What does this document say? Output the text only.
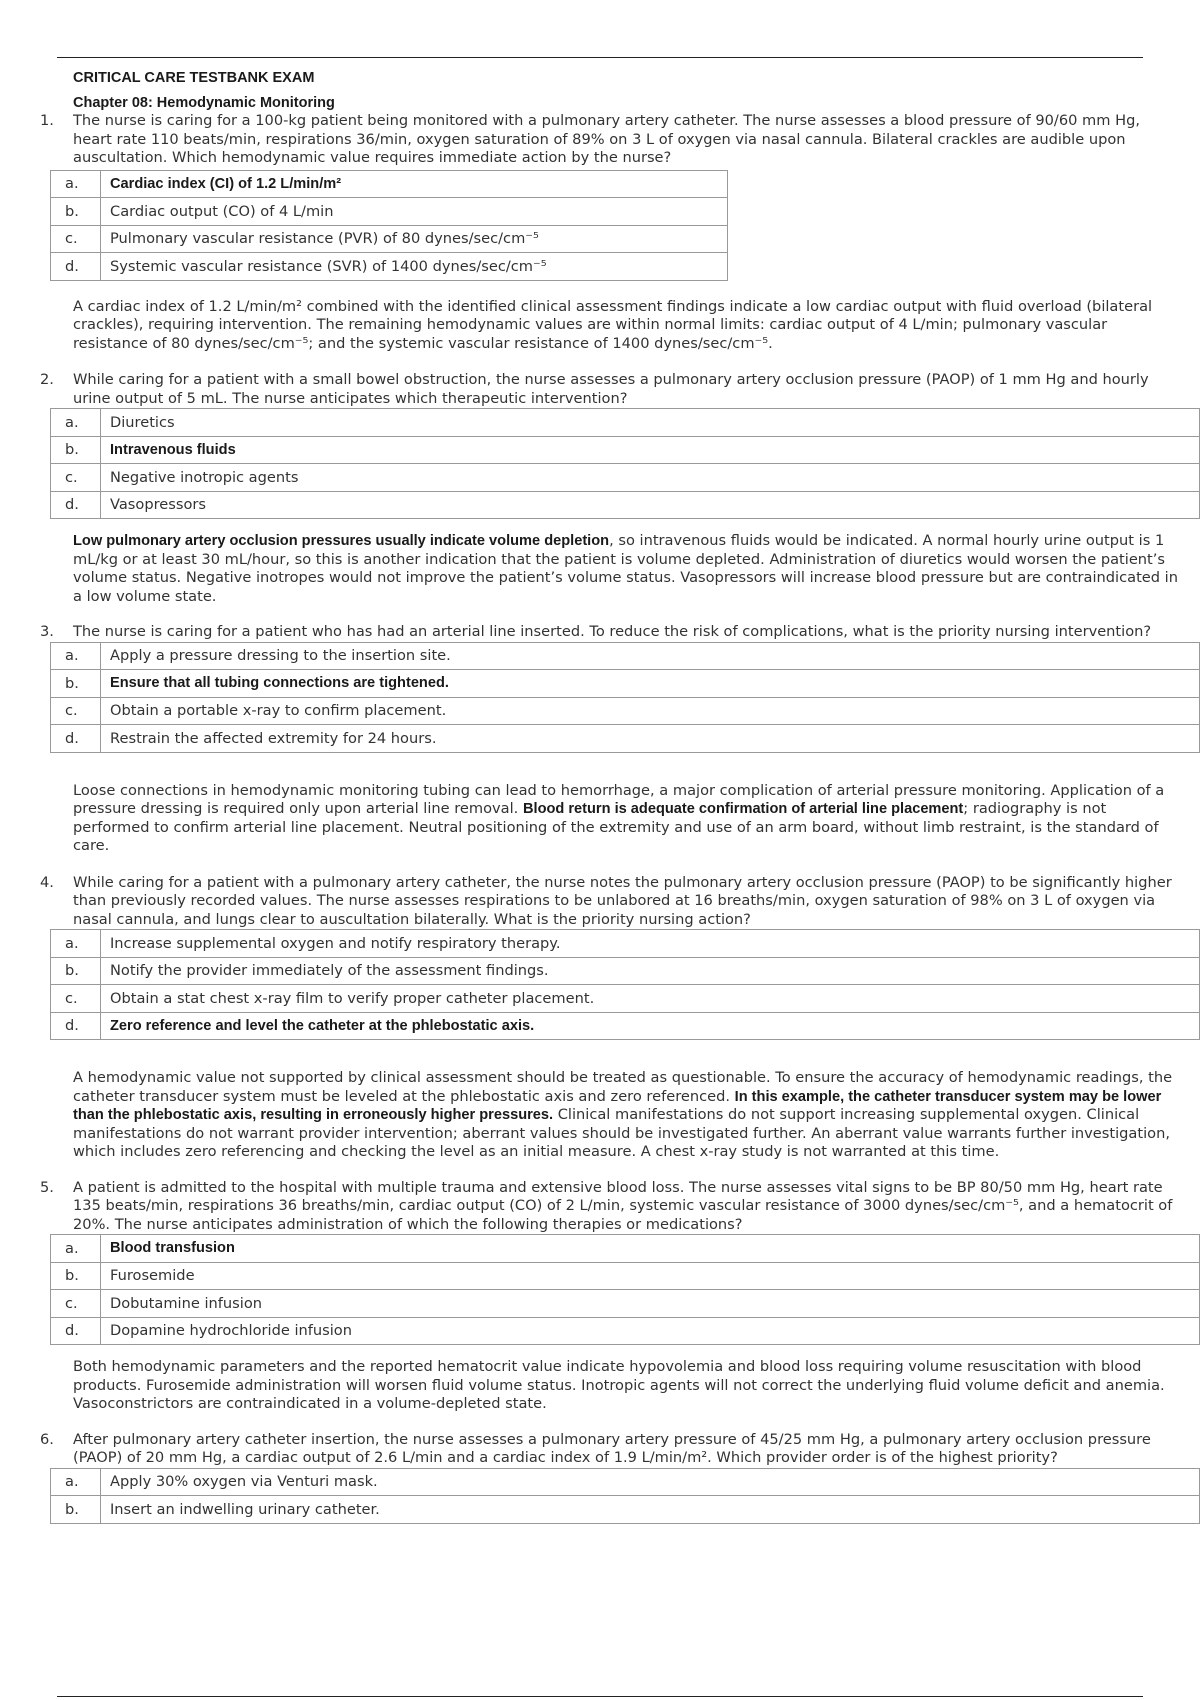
CRITICAL CARE TESTBANK EXAM
Chapter 08: Hemodynamic Monitoring
1. The nurse is caring for a 100-kg patient being monitored with a pulmonary artery catheter. The nurse assesses a blood pressure of 90/60 mm Hg, heart rate 110 beats/min, respirations 36/min, oxygen saturation of 89% on 3 L of oxygen via nasal cannula. Bilateral crackles are audible upon auscultation. Which hemodynamic value requires immediate action by the nurse?
a.	Cardiac index (CI) of 1.2 L/min/m²
b.	Cardiac output (CO) of 4 L/min
c.	Pulmonary vascular resistance (PVR) of 80 dynes/sec/cm⁻⁵
d.	Systemic vascular resistance (SVR) of 1400 dynes/sec/cm⁻⁵
A cardiac index of 1.2 L/min/m² combined with the identified clinical assessment findings indicate a low cardiac output with fluid overload (bilateral crackles), requiring intervention. The remaining hemodynamic values are within normal limits: cardiac output of 4 L/min; pulmonary vascular resistance of 80 dynes/sec/cm⁻⁵; and the systemic vascular resistance of 1400 dynes/sec/cm⁻⁵.
2. While caring for a patient with a small bowel obstruction, the nurse assesses a pulmonary artery occlusion pressure (PAOP) of 1 mm Hg and hourly urine output of 5 mL. The nurse anticipates which therapeutic intervention?
a.	Diuretics
b.	Intravenous fluids
c.	Negative inotropic agents
d.	Vasopressors
Low pulmonary artery occlusion pressures usually indicate volume depletion, so intravenous fluids would be indicated. A normal hourly urine output is 1 mL/kg or at least 30 mL/hour, so this is another indication that the patient is volume depleted. Administration of diuretics would worsen the patient’s volume status. Negative inotropes would not improve the patient’s volume status. Vasopressors will increase blood pressure but are contraindicated in a low volume state.
3. The nurse is caring for a patient who has had an arterial line inserted. To reduce the risk of complications, what is the priority nursing intervention?
a.	Apply a pressure dressing to the insertion site.
b.	Ensure that all tubing connections are tightened.
c.	Obtain a portable x-ray to confirm placement.
d.	Restrain the affected extremity for 24 hours.
Loose connections in hemodynamic monitoring tubing can lead to hemorrhage, a major complication of arterial pressure monitoring. Application of a pressure dressing is required only upon arterial line removal. Blood return is adequate confirmation of arterial line placement; radiography is not performed to confirm arterial line placement. Neutral positioning of the extremity and use of an arm board, without limb restraint, is the standard of care.
4. While caring for a patient with a pulmonary artery catheter, the nurse notes the pulmonary artery occlusion pressure (PAOP) to be significantly higher than previously recorded values. The nurse assesses respirations to be unlabored at 16 breaths/min, oxygen saturation of 98% on 3 L of oxygen via nasal cannula, and lungs clear to auscultation bilaterally. What is the priority nursing action?
a.	Increase supplemental oxygen and notify respiratory therapy.
b.	Notify the provider immediately of the assessment findings.
c.	Obtain a stat chest x-ray film to verify proper catheter placement.
d.	Zero reference and level the catheter at the phlebostatic axis.
A hemodynamic value not supported by clinical assessment should be treated as questionable. To ensure the accuracy of hemodynamic readings, the catheter transducer system must be leveled at the phlebostatic axis and zero referenced. In this example, the catheter transducer system may be lower than the phlebostatic axis, resulting in erroneously higher pressures. Clinical manifestations do not support increasing supplemental oxygen. Clinical manifestations do not warrant provider intervention; aberrant values should be investigated further. An aberrant value warrants further investigation, which includes zero referencing and checking the level as an initial measure. A chest x-ray study is not warranted at this time.
5. A patient is admitted to the hospital with multiple trauma and extensive blood loss. The nurse assesses vital signs to be BP 80/50 mm Hg, heart rate 135 beats/min, respirations 36 breaths/min, cardiac output (CO) of 2 L/min, systemic vascular resistance of 3000 dynes/sec/cm⁻⁵, and a hematocrit of 20%. The nurse anticipates administration of which the following therapies or medications?
a.	Blood transfusion
b.	Furosemide
c.	Dobutamine infusion
d.	Dopamine hydrochloride infusion
Both hemodynamic parameters and the reported hematocrit value indicate hypovolemia and blood loss requiring volume resuscitation with blood products. Furosemide administration will worsen fluid volume status. Inotropic agents will not correct the underlying fluid volume deficit and anemia. Vasoconstrictors are contraindicated in a volume-depleted state.
6. After pulmonary artery catheter insertion, the nurse assesses a pulmonary artery pressure of 45/25 mm Hg, a pulmonary artery occlusion pressure (PAOP) of 20 mm Hg, a cardiac output of 2.6 L/min and a cardiac index of 1.9 L/min/m². Which provider order is of the highest priority?
a.	Apply 30% oxygen via Venturi mask.
b.	Insert an indwelling urinary catheter.
